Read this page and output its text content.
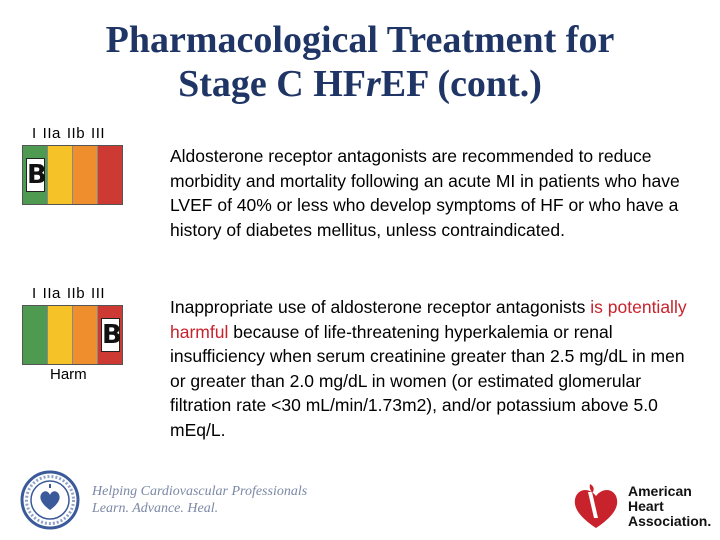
Pharmacological Treatment for
Stage C HFrEF (cont.)
I IIa IIb III
B
Aldosterone receptor antagonists are recommended to reduce morbidity and mortality following an acute MI in patients who have LVEF of 40% or less who develop symptoms of HF or who have a history of diabetes mellitus, unless contraindicated.
I IIa IIb III
B
Harm
Inappropriate use of aldosterone receptor antagonists is potentially harmful because of life-threatening hyperkalemia or renal insufficiency when serum creatinine greater than 2.5 mg/dL in men or greater than 2.0 mg/dL in women (or estimated glomerular filtration rate <30 mL/min/1.73m2), and/or potassium above 5.0 mEq/L.
Helping Cardiovascular Professionals
Learn. Advance. Heal.
American
Heart
Association.
